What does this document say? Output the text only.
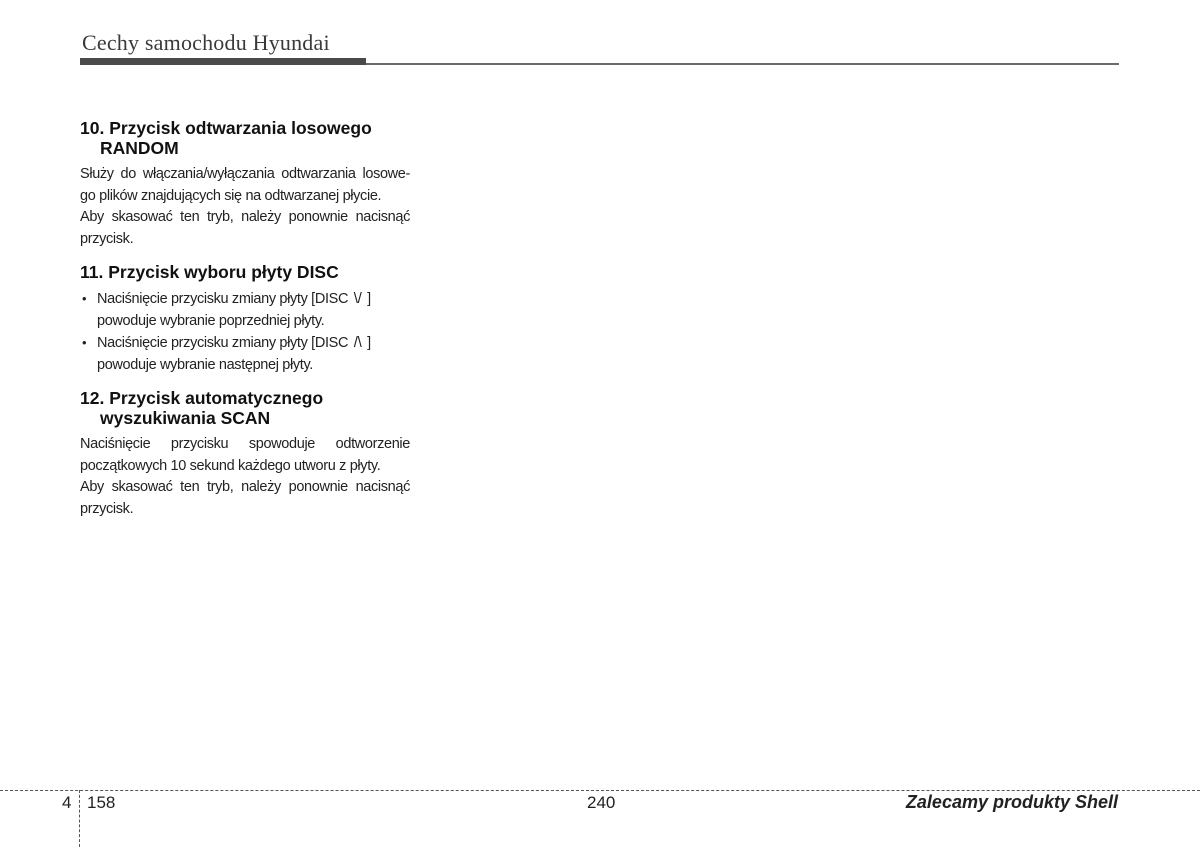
Cechy samochodu Hyundai
10. Przycisk odtwarzania losowego
RANDOM

Służy do włączania/wyłączania odtwarzania losowe-go plików znajdujących się na odtwarzanej płycie.

Aby skasować ten tryb, należy ponownie nacisnąć przycisk.

11. Przycisk wyboru płyty DISC
• Naciśnięcie przycisku zmiany płyty [DISC \/ ] powoduje wybranie poprzedniej płyty.
• Naciśnięcie przycisku zmiany płyty [DISC /\ ] powoduje wybranie następnej płyty.
12. Przycisk automatycznego
wyszukiwania SCAN

Naciśnięcie przycisku spowoduje odtworzenie początkowych 10 sekund każdego utworu z płyty.

Aby skasować ten tryb, należy ponownie nacisnąć przycisk.

4 158	240	Zalecamy produkty Shell
